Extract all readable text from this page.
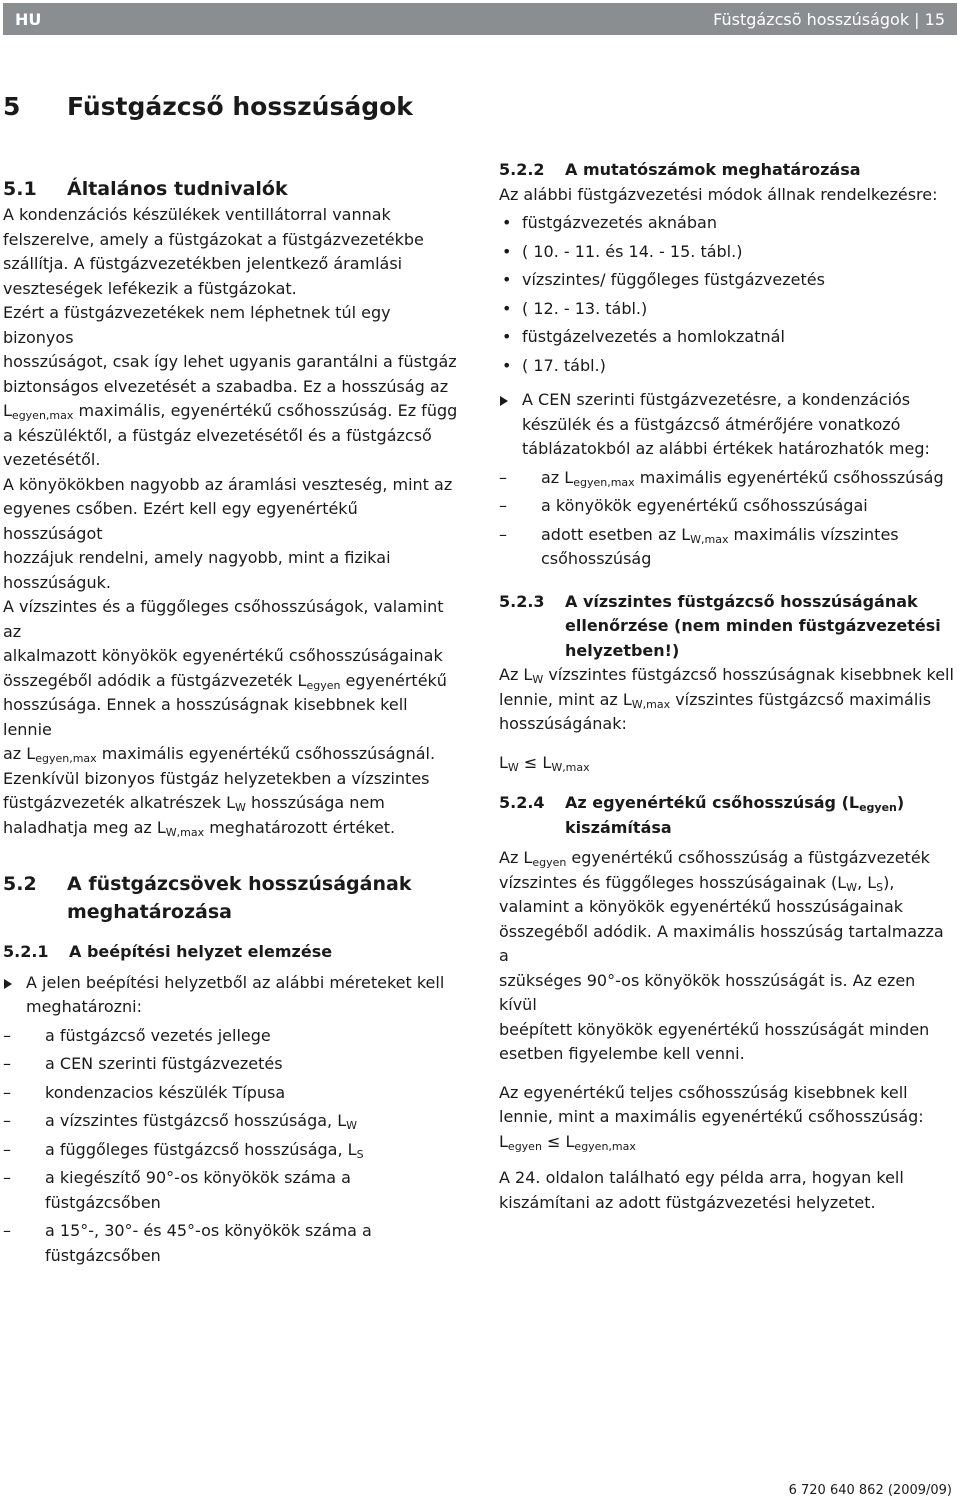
HU	Füstgázcsõ hosszúságok | 15
5 Füstgázcső hosszúságok
5.1 Általános tudnivalók

A kondenzációs készülékek ventillátorral vannak
felszerelve, amely a füstgázokat a füstgázvezetékbe
szállítja. A füstgázvezetékben jelentkező áramlási
veszteségek lefékezik a füstgázokat.
Ezért a füstgázvezetékek nem léphetnek túl egy bizonyos
hosszúságot, csak így lehet ugyanis garantálni a füstgáz
biztonságos elvezetését a szabadba. Ez a hosszúság az
$L_{egyen,max}$ maximális, egyenértékű csőhosszúság. Ez függ
a készüléktől, a füstgáz elvezetésétől és a füstgázcső
vezetésétől.
A könyökökben nagyobb az áramlási veszteség, mint az
egyenes csőben. Ezért kell egy egyenértékű hosszúságot
hozzájuk rendelni, amely nagyobb, mint a fizikai
hosszúságuk.
A vízszintes és a függőleges csőhosszúságok, valamint az
alkalmazott könyökök egyenértékű csőhosszúságainak
összegéből adódik a füstgázvezeték $L_{egyen}$ egyenértékű
hosszúsága. Ennek a hosszúságnak kisebbnek kell lennie
az $L_{egyen,max}$ maximális egyenértékű csőhosszúságnál.
Ezenkívül bizonyos füstgáz helyzetekben a vízszintes
füstgázvezeték alkatrészek $L_W$ hosszúsága nem
haladhatja meg az $L_{W,max}$ meghatározott értéket.

5.2 A füstgázcsövek hosszúságának
meghatározása
5.2.1 A beépítési helyzet elemzése
A jelen beépítési helyzetből az alábbi méreteket kell
meghatározni:
– a füstgázcső vezetés jellege
– a CEN szerinti füstgázvezetés
– kondenzacios készülék Típusa
– a vízszintes füstgázcső hosszúsága, $L_W$
– a függőleges füstgázcső hosszúsága, $L_S$
– a kiegészítő 90°-os könyökök száma a
füstgázcsőben
– a 15°-, 30°- és 45°-os könyökök száma a
füstgázcsőben
5.2.2 A mutatószámok meghatározása

Az alábbi füstgázvezetési módok állnak rendelkezésre:

• füstgázvezetés aknában
• ( 10. - 11. és 14. - 15. tábl.)
• vízszintes/ függőleges füstgázvezetés
• ( 12. - 13. tábl.)
• füstgázelvezetés a homlokzatnál
• ( 17. tábl.)
A CEN szerinti füstgázvezetésre, a kondenzációs
készülék és a füstgázcső átmérőjére vonatkozó
táblázatokból az alábbi értékek határozhatók meg:
– az $L_{egyen,max}$ maximális egyenértékű csőhosszúság
– a könyökök egyenértékű csőhosszúságai
– adott esetben az $L_{W,max}$ maximális vízszintes
csőhosszúság
5.2.3 A vízszintes füstgázcső hosszúságának
ellenőrzése (nem minden füstgázvezetési
helyzetben!)

Az $L_W$ vízszintes füstgázcső hosszúságnak kisebbnek kell
lennie, mint az $L_{W,max}$ vízszintes füstgázcső maximális
hosszúságának:

$L_W \le L_{W,max}$

5.2.4 Az egyenértékű csőhosszúság $(L_{egyen})$
kiszámítása

Az $L_{egyen}$ egyenértékű csőhosszúság a füstgázvezeték
vízszintes és függőleges hosszúságainak ($L_W$, $L_S$),
valamint a könyökök egyenértékű hosszúságainak
összegéből adódik. A maximális hosszúság tartalmazza a
szükséges 90°-os könyökök hosszúságát is. Az ezen kívül
beépített könyökök egyenértékű hosszúságát minden
esetben figyelembe kell venni.

Az egyenértékű teljes csőhosszúság kisebbnek kell
lennie, mint a maximális egyenértékű csőhosszúság:
$L_{egyen} \le L_{egyen,max}$

A 24. oldalon található egy példa arra, hogyan kell
kiszámítani az adott füstgázvezetési helyzetet.

6 720 640 862 (2009/09)
